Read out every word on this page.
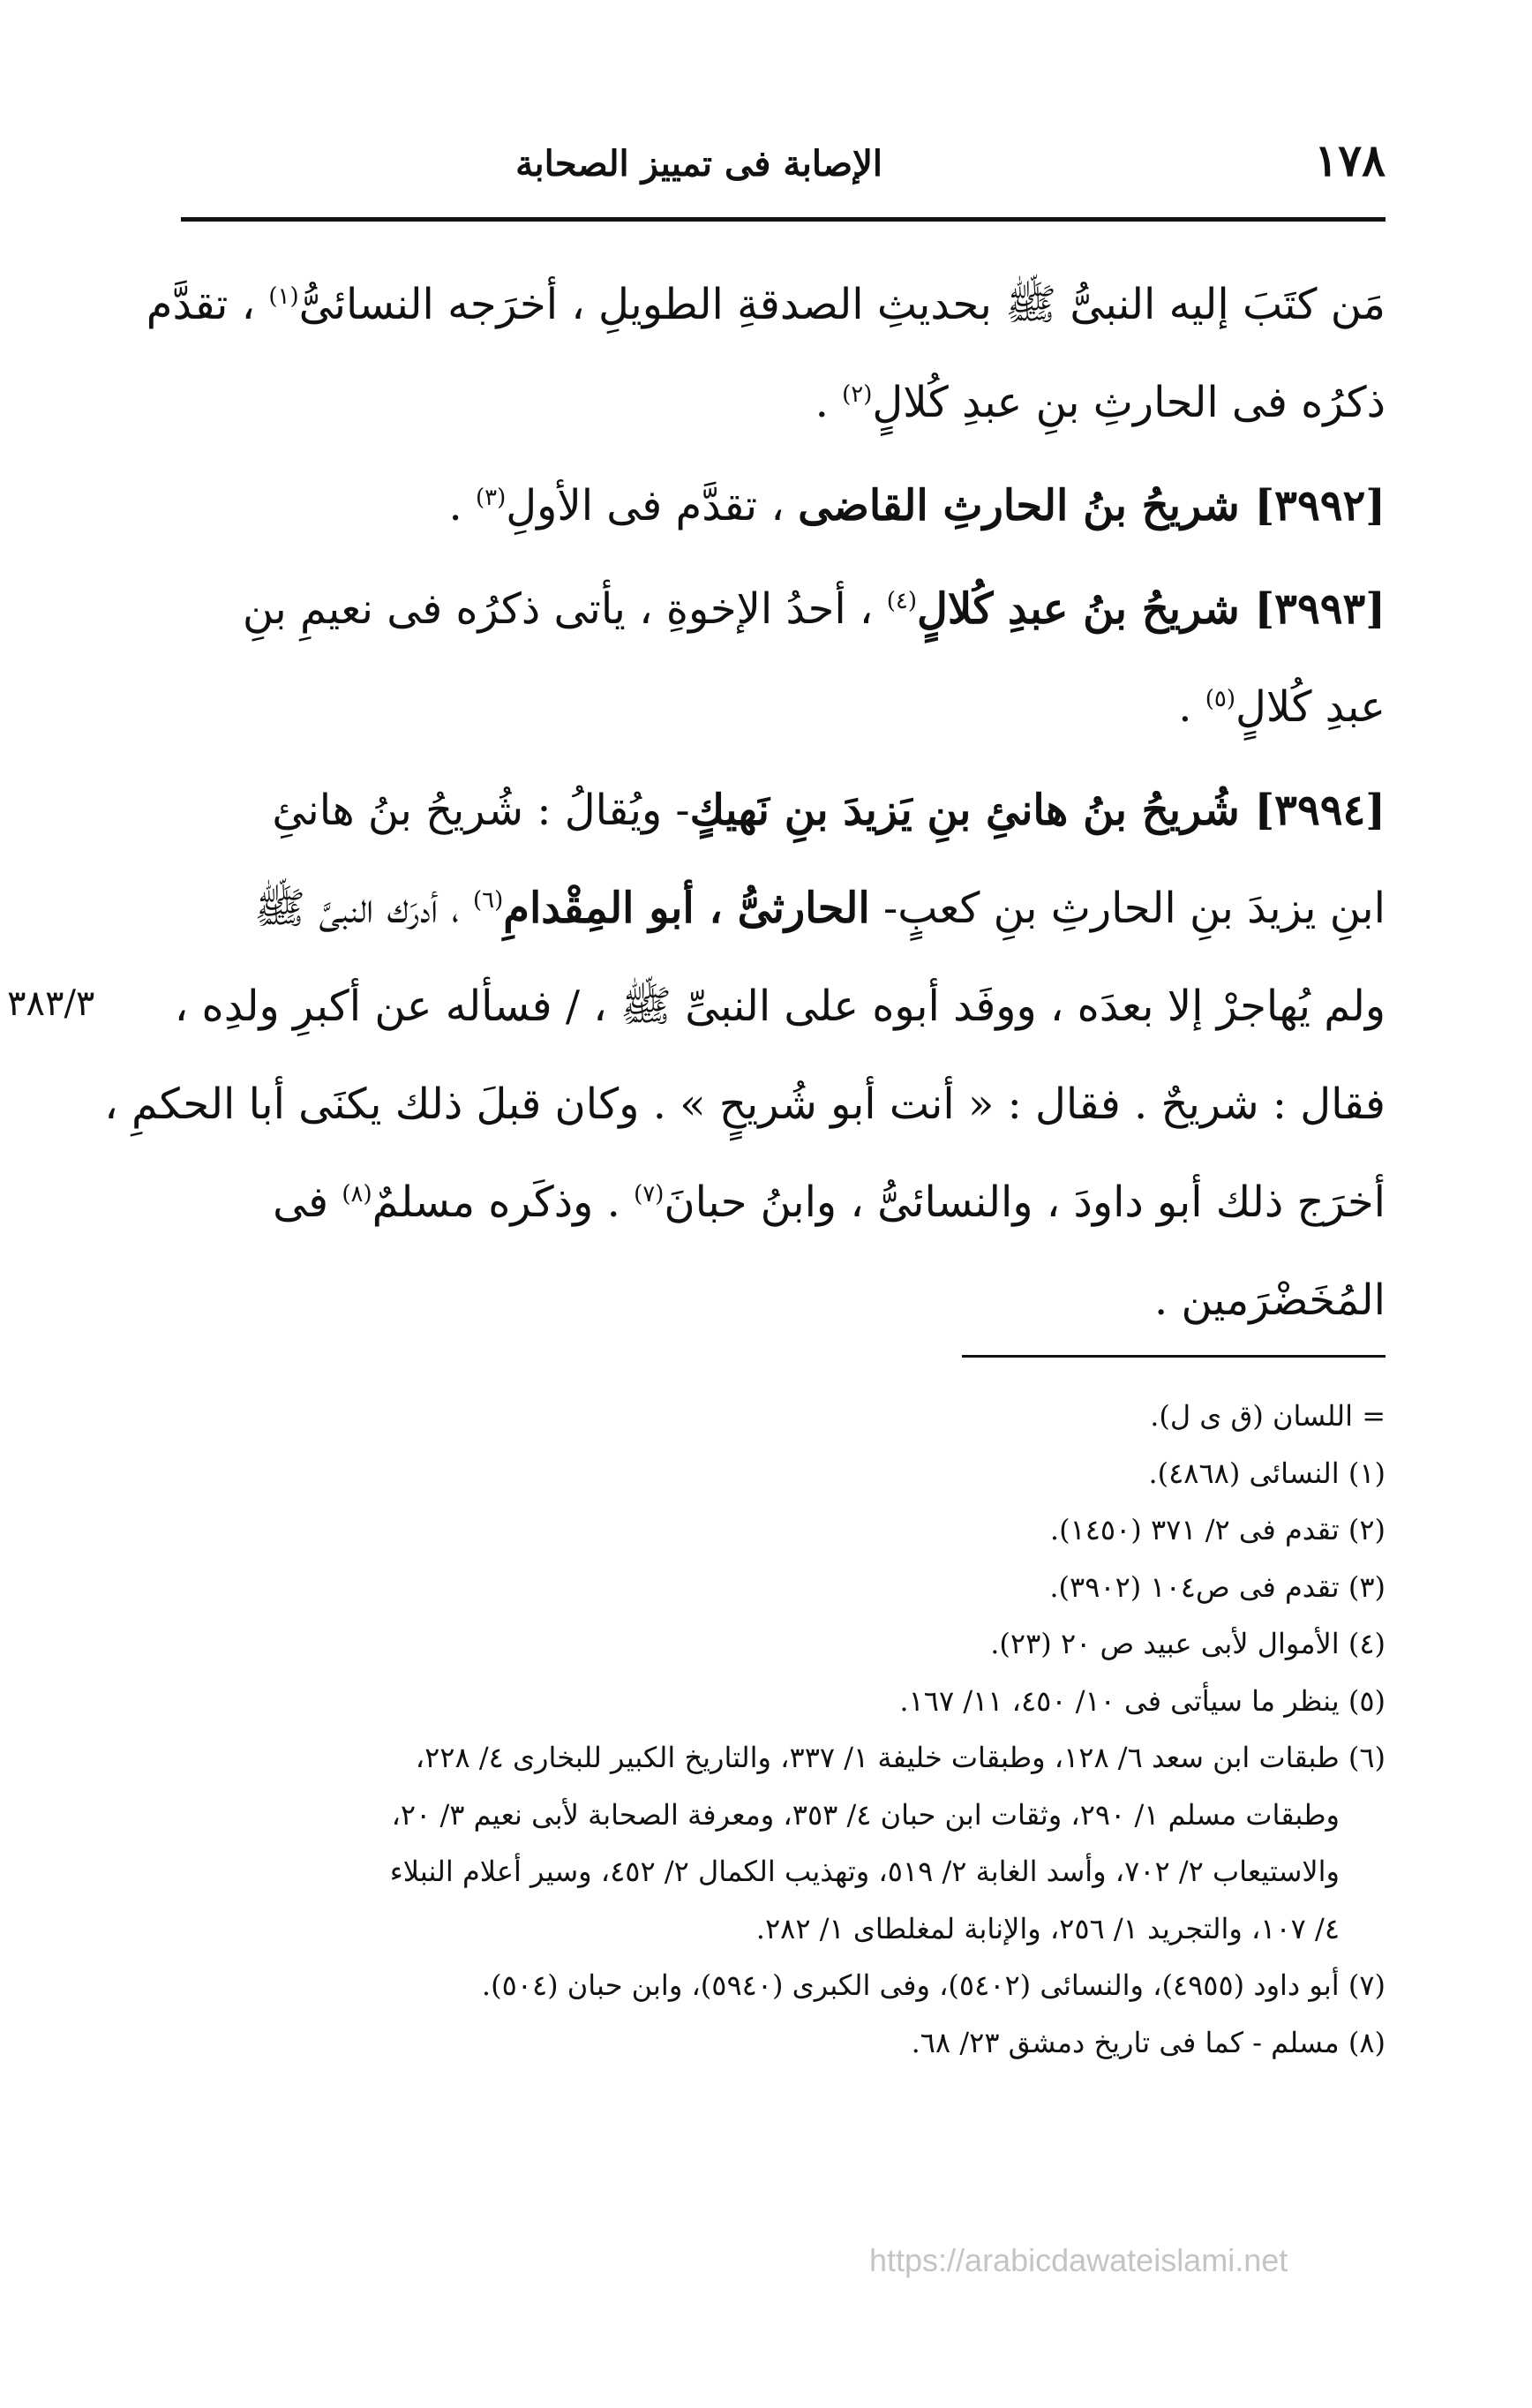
١٧٨
الإصابة فى تمييز الصحابة

مَن كتَبَ إليه النبىُّ ﷺ بحديثِ الصدقةِ الطويلِ ، أخرَجه النسائىُّ$^{(١)}$ ، تقدَّم
ذكرُه فى الحارثِ بنِ عبدِ كُلالٍ$^{(٢)}$ .

[٣٩٩٢] شريحُ بنُ الحارثِ القاضى ، تقدَّم فى الأولِ$^{(٣)}$ .

[٣٩٩٣] شريحُ بنُ عبدِ كُلالٍ$^{(٤)}$ ، أحدُ الإخوةِ ، يأتى ذكرُه فى نعيمِ بنِ
عبدِ كُلالٍ$^{(٥)}$ .

[٣٩٩٤] شُريحُ بنُ هانئِ بنِ يَزيدَ بنِ نَهيكٍ- ويُقالُ : شُريحُ بنُ هانئِ
ابنِ يزيدَ بنِ الحارثِ بنِ كعبٍ- الحارثىُّ ، أبو المِقْدامِ$^{(٦)}$ ، أدرَك النبىَّ ﷺ
ولم يُهاجرْ إلا بعدَه ، ووفَد أبوه على النبىِّ ﷺ ، / فسأله عن أكبرِ ولدِه ،
فقال : شريحٌ . فقال : « أنت أبو شُريحٍ » . وكان قبلَ ذلك يكنَى أبا الحكمِ ،
أخرَج ذلك أبو داودَ ، والنسائىُّ ، وابنُ حبانَ$^{(٧)}$ . وذكَره مسلمٌ$^{(٨)}$ فى
المُخَضْرَمين .

٣٨٣/٣
= اللسان (ق ى ل).
(١) النسائى (٤٨٦٨).
(٢) تقدم فى ٢/ ٣٧١ (١٤٥٠).
(٣) تقدم فى ص١٠٤ (٣٩٠٢).
(٤) الأموال لأبى عبيد ص ٢٠ (٢٣).
(٥) ينظر ما سيأتى فى ١٠/ ٤٥٠، ١١/ ١٦٧.
(٦) طبقات ابن سعد ٦/ ١٢٨، وطبقات خليفة ١/ ٣٣٧، والتاريخ الكبير للبخارى ٤/ ٢٢٨،
وطبقات مسلم ١/ ٢٩٠، وثقات ابن حبان ٤/ ٣٥٣، ومعرفة الصحابة لأبى نعيم ٣/ ٢٠،
والاستيعاب ٢/ ٧٠٢، وأسد الغابة ٢/ ٥١٩، وتهذيب الكمال ٢/ ٤٥٢، وسير أعلام النبلاء
٤/ ١٠٧، والتجريد ١/ ٢٥٦، والإنابة لمغلطاى ١/ ٢٨٢.
(٧) أبو داود (٤٩٥٥)، والنسائى (٥٤٠٢)، وفى الكبرى (٥٩٤٠)، وابن حبان (٥٠٤).
(٨) مسلم - كما فى تاريخ دمشق ٢٣/ ٦٨.
https://arabicdawateislami.net
